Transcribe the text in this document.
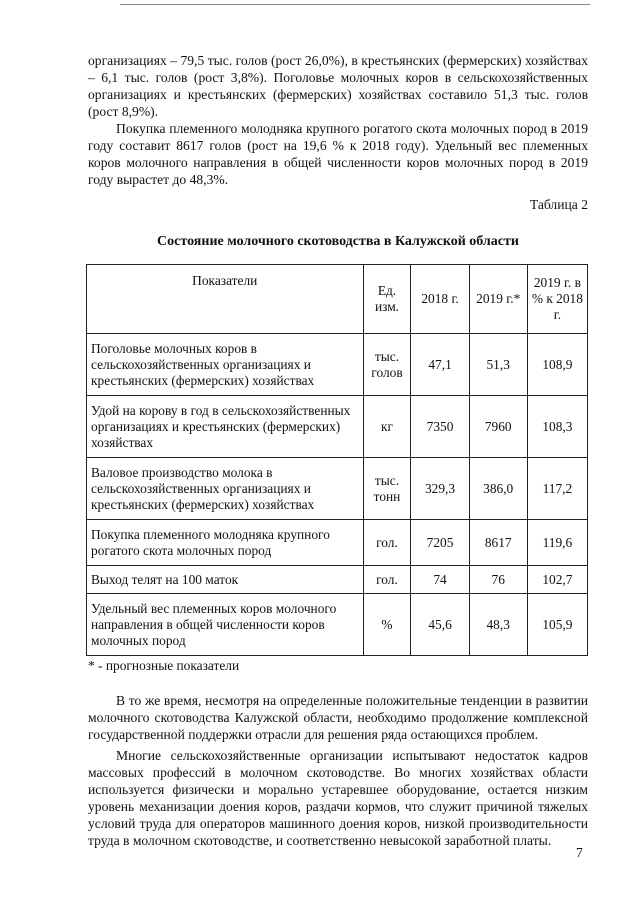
организациях – 79,5 тыс. голов (рост 26,0%), в крестьянских (фермерских) хозяйствах – 6,1 тыс. голов (рост 3,8%). Поголовье молочных коров в сельскохозяйственных организациях и крестьянских (фермерских) хозяйствах составило 51,3 тыс. голов (рост 8,9%).

Покупка племенного молодняка крупного рогатого скота молочных пород в 2019 году составит 8617 голов (рост на 19,6 % к 2018 году). Удельный вес племенных коров молочного направления в общей численности коров молочных пород в 2019 году вырастет до 48,3%.

Таблица 2
Состояние молочного скотоводства в Калужской области
Показатели	Ед. изм.	2018 г.	2019 г.*	2019 г. в % к 2018 г.
Поголовье молочных коров в сельскохозяйственных организациях и крестьянских (фермерских) хозяйствах	тыс. голов	47,1	51,3	108,9
Удой на корову в год в сельскохозяйственных организациях и крестьянских (фермерских) хозяйствах	кг	7350	7960	108,3
Валовое производство молока в сельскохозяйственных организациях и крестьянских (фермерских) хозяйствах	тыс. тонн	329,3	386,0	117,2
Покупка племенного молодняка крупного рогатого скота молочных пород	гол.	7205	8617	119,6
Выход телят на 100 маток	гол.	74	76	102,7
Удельный вес племенных коров молочного направления в общей численности коров молочных пород	%	45,6	48,3	105,9
* - прогнозные показатели

В то же время, несмотря на определенные положительные тенденции в развитии молочного скотоводства Калужской области, необходимо продолжение комплексной государственной поддержки отрасли для решения ряда остающихся проблем.

Многие сельскохозяйственные организации испытывают недостаток кадров массовых профессий в молочном скотоводстве. Во многих хозяйствах области используется физически и морально устаревшее оборудование, остается низким уровень механизации доения коров, раздачи кормов, что служит причиной тяжелых условий труда для операторов машинного доения коров, низкой производительности труда в молочном скотоводстве, и соответственно невысокой заработной платы.

7
